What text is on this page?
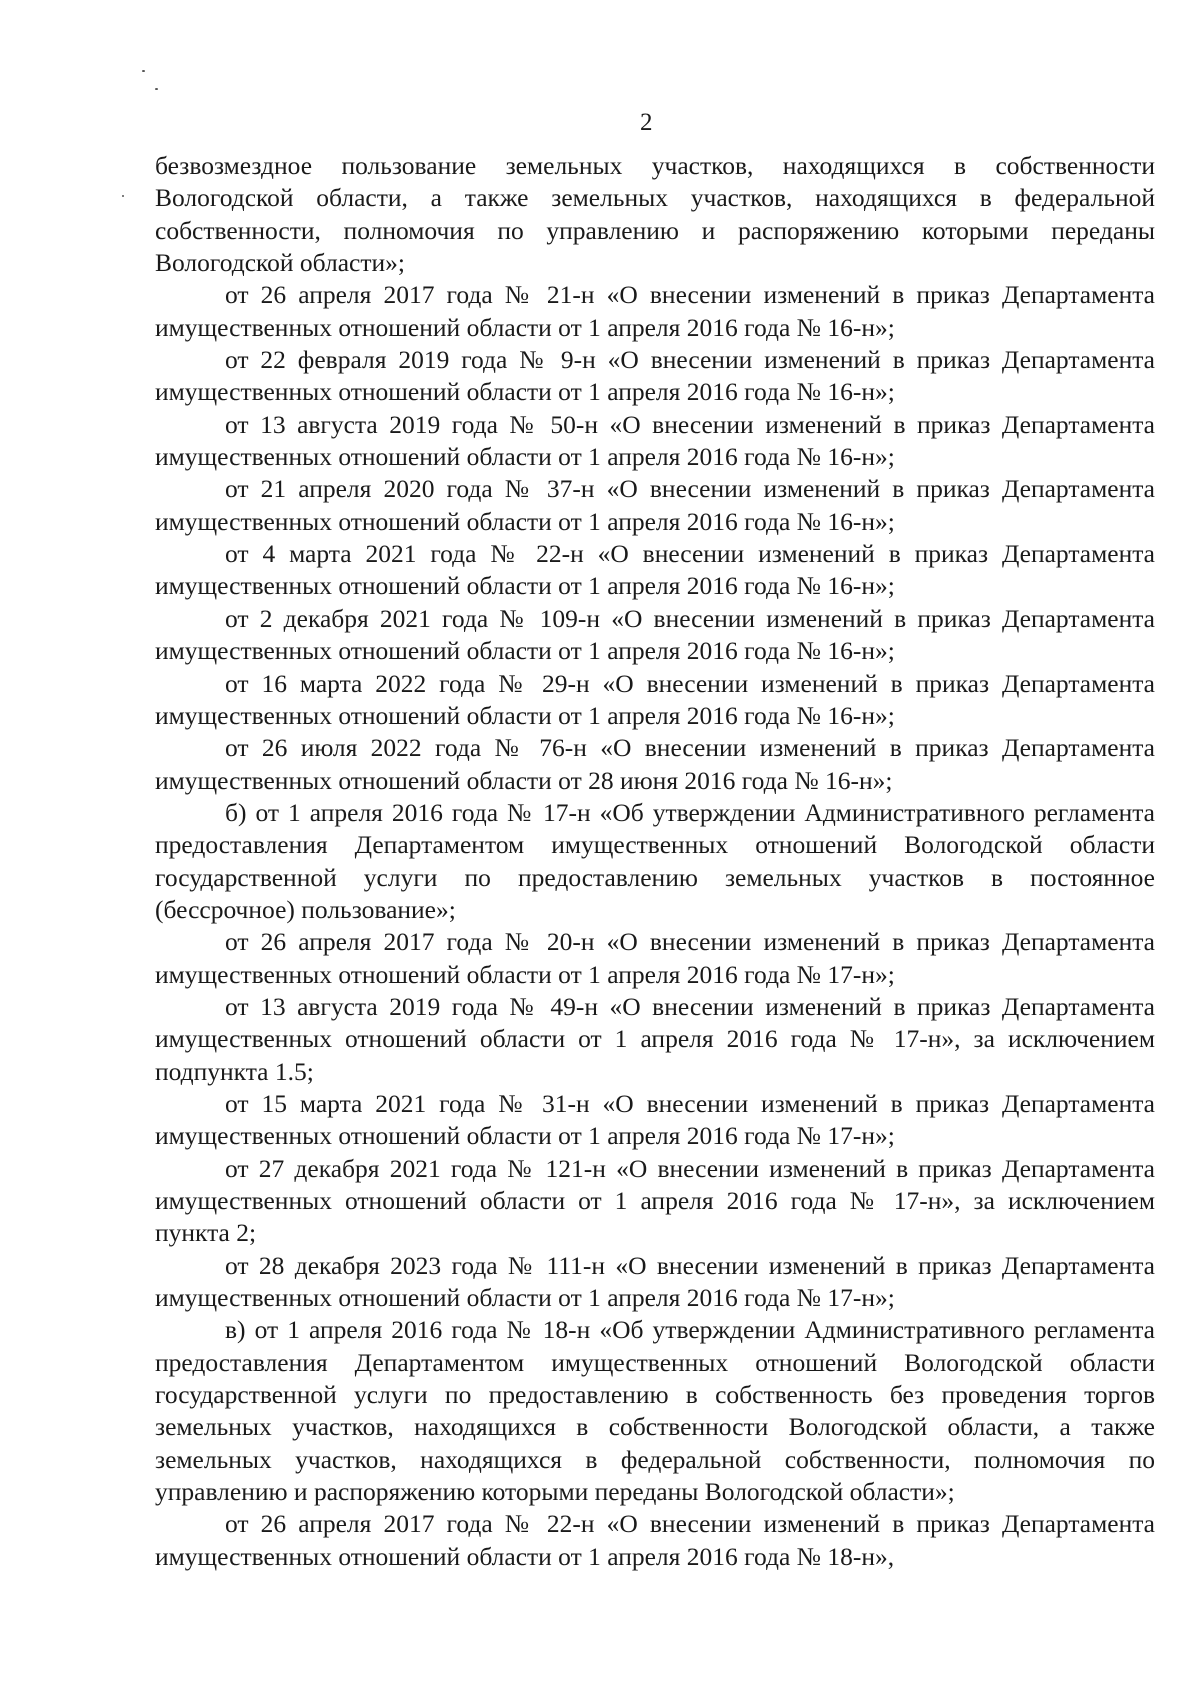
2

безвозмездное пользование земельных участков, находящихся в собственности Вологодской области, а также земельных участков, находящихся в федеральной собственности, полномочия по управлению и распоряжению которыми переданы Вологодской области»;

от 26 апреля 2017 года № 21-н «О внесении изменений в приказ Департамента имущественных отношений области от 1 апреля 2016 года № 16-н»;

от 22 февраля 2019 года № 9-н «О внесении изменений в приказ Департамента имущественных отношений области от 1 апреля 2016 года № 16-н»;

от 13 августа 2019 года № 50-н «О внесении изменений в приказ Департамента имущественных отношений области от 1 апреля 2016 года № 16-н»;

от 21 апреля 2020 года № 37-н «О внесении изменений в приказ Департамента имущественных отношений области от 1 апреля 2016 года № 16-н»;

от 4 марта 2021 года № 22-н «О внесении изменений в приказ Департамента имущественных отношений области от 1 апреля 2016 года № 16-н»;

от 2 декабря 2021 года № 109-н «О внесении изменений в приказ Департамента имущественных отношений области от 1 апреля 2016 года № 16-н»;

от 16 марта 2022 года № 29-н «О внесении изменений в приказ Департамента имущественных отношений области от 1 апреля 2016 года № 16-н»;

от 26 июля 2022 года № 76-н «О внесении изменений в приказ Департамента имущественных отношений области от 28 июня 2016 года № 16-н»;

б) от 1 апреля 2016 года № 17-н «Об утверждении Административного регламента предоставления Департаментом имущественных отношений Вологодской области государственной услуги по предоставлению земельных участков в постоянное (бессрочное) пользование»;

от 26 апреля 2017 года № 20-н «О внесении изменений в приказ Департамента имущественных отношений области от 1 апреля 2016 года № 17-н»;

от 13 августа 2019 года № 49-н «О внесении изменений в приказ Департамента имущественных отношений области от 1 апреля 2016 года № 17-н», за исключением подпункта 1.5;

от 15 марта 2021 года № 31-н «О внесении изменений в приказ Департамента имущественных отношений области от 1 апреля 2016 года № 17-н»;

от 27 декабря 2021 года № 121-н «О внесении изменений в приказ Департамента имущественных отношений области от 1 апреля 2016 года № 17-н», за исключением пункта 2;

от 28 декабря 2023 года № 111-н «О внесении изменений в приказ Департамента имущественных отношений области от 1 апреля 2016 года № 17-н»;

в) от 1 апреля 2016 года № 18-н «Об утверждении Административного регламента предоставления Департаментом имущественных отношений Вологодской области государственной услуги по предоставлению в собственность без проведения торгов земельных участков, находящихся в собственности Вологодской области, а также земельных участков, находящихся в федеральной собственности, полномочия по управлению и распоряжению которыми переданы Вологодской области»;

от 26 апреля 2017 года № 22-н «О внесении изменений в приказ Департамента имущественных отношений области от 1 апреля 2016 года № 18-н»,
